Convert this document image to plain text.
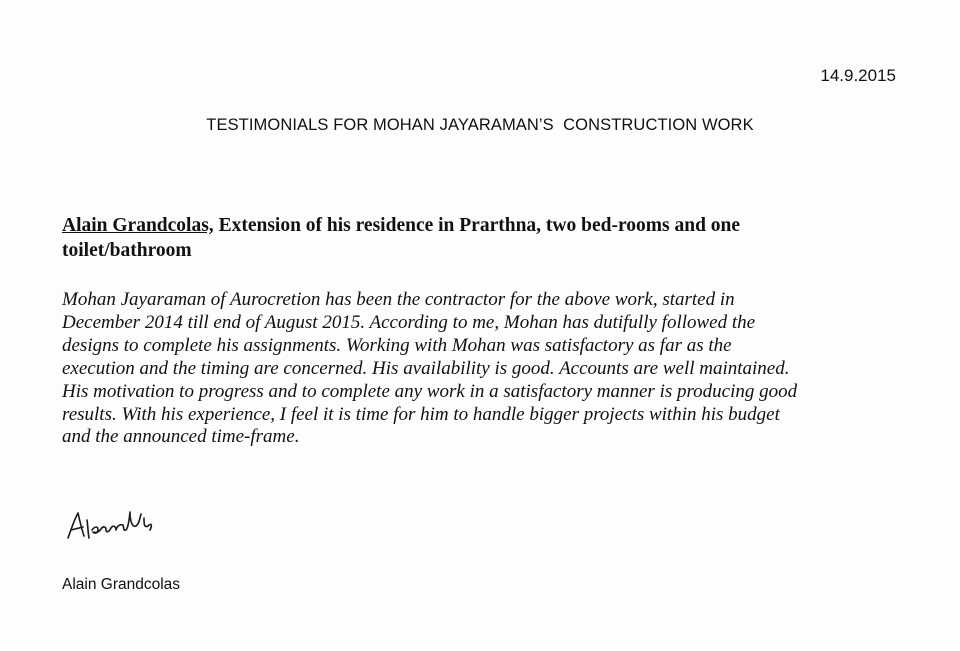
14.9.2015
TESTIMONIALS FOR MOHAN JAYARAMAN’S  CONSTRUCTION WORK
Alain Grandcolas, Extension of his residence in Prarthna, two bed-rooms and one
toilet/bathroom
Mohan Jayaraman of Aurocretion has been the contractor for the above work, started in
December 2014 till end of August 2015. According to me, Mohan has dutifully followed the
designs to complete his assignments. Working with Mohan was satisfactory as far as the
execution and the timing are concerned. His availability is good. Accounts are well maintained.
His motivation to progress and to complete any work in a satisfactory manner is producing good
results. With his experience, I feel it is time for him to handle bigger projects within his budget
and the announced time-frame.
Alain Grandcolas
